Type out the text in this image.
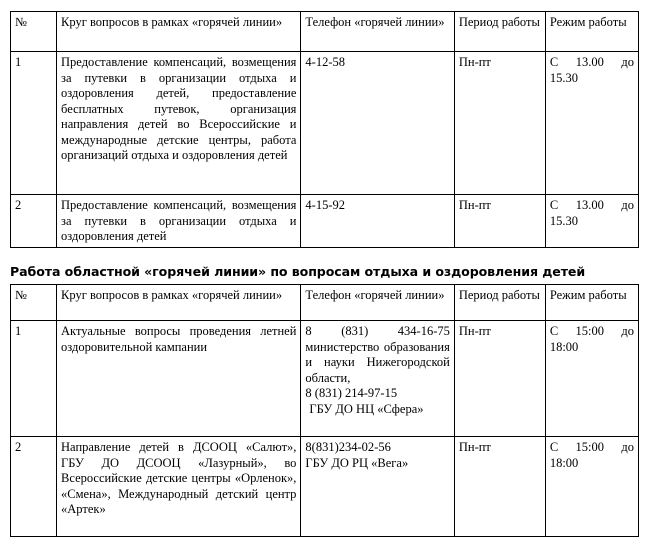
№	Круг вопросов в рамках «горячей линии»	Телефон «горячей линии»	Период работы	Режим работы
1	Предоставление компенсаций, возмещения за путевки в организации отдыха и оздоровления детей, предоставление бесплатных путевок, организация направления детей во Всероссийские и международные детские центры, работа организаций отдыха и оздоровления детей	4-12-58	Пн-пт	С 13.00 до 15.30
2	Предоставление компенсаций, возмещения за путевки в организации отдыха и оздоровления детей	4-15-92	Пн-пт	С 13.00 до 15.30
Работа областной «горячей линии» по вопросам отдыха и оздоровления детей
№	Круг вопросов в рамках «горячей линии»	Телефон «горячей линии»	Период работы	Режим работы
1	Актуальные вопросы проведения летней оздоровительной кампании	8 (831) 434-16-75
министерство образования и науки Нижегородской области,
8 (831) 214-97-15
ГБУ ДО НЦ «Сфера»	Пн-пт	С 15:00 до 18:00
2	Направление детей в ДСООЦ «Салют», ГБУ ДО ДСООЦ «Лазурный», во Всероссийские детские центры «Орленок», «Смена», Международный детский центр «Артек»	8(831)234-02-56
ГБУ ДО РЦ «Вега»	Пн-пт	С 15:00 до 18:00
